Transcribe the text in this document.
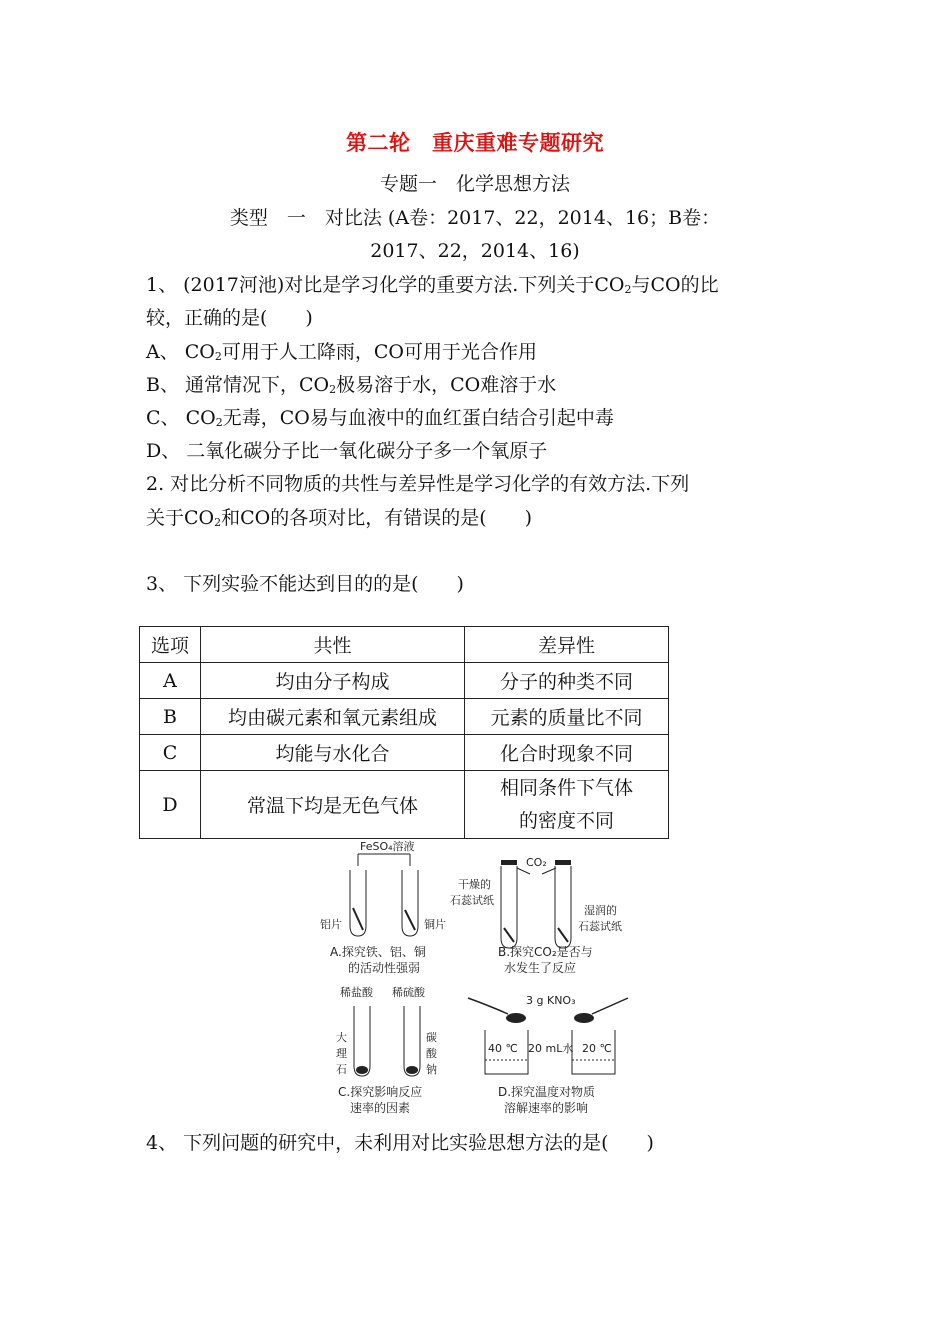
第二轮　重庆重难专题研究
专题一　化学思想方法
类型　一　对比法 (A卷：2017、22，2014、16；B卷：
2017、22，2014、16)
1、 (2017河池)对比是学习化学的重要方法.下列关于$CO_2$与CO的比
较，正确的是(　　)
A、 $CO_2$可用于人工降雨，CO可用于光合作用
B、 通常情况下，$CO_2$极易溶于水，CO难溶于水
C、 $CO_2$无毒，CO易与血液中的血红蛋白结合引起中毒
D、 二氧化碳分子比一氧化碳分子多一个氧原子
2. 对比分析不同物质的共性与差异性是学习化学的有效方法.下列
关于$CO_2$和CO的各项对比，有错误的是(　　)
3、 下列实验不能达到目的的是(　　)
选项	共性	差异性
A	均由分子构成	分子的种类不同
B	均由碳元素和氧元素组成	元素的质量比不同
C	均能与水化合	化合时现象不同
D	常温下均是无色气体	相同条件下气体的密度不同
FeSO₄溶液
铝片	铜片
A.探究铁、铝、铜
的活动性强弱
CO₂
干燥的
石蕊试纸
湿润的
石蕊试纸
B.探究CO₂是否与
水发生了反应
稀盐酸 稀硫酸
大
理
石
碳
酸
钠
C.探究影响反应
速率的因素
3 g KNO₃
40 ℃ 20 mL水 20 ℃
D.探究温度对物质
溶解速率的影响
4、 下列问题的研究中，未利用对比实验思想方法的是(　　)
